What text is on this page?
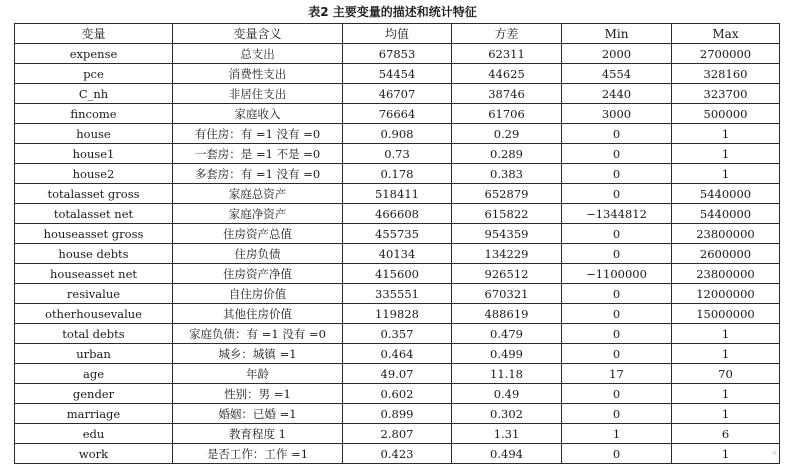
表2 主要变量的描述和统计特征
变量	变量含义	均值	方差	Min	Max
expense	总支出	67853	62311	2000	2700000
pce	消费性支出	54454	44625	4554	328160
C_nh	非居住支出	46707	38746	2440	323700
fincome	家庭收入	76664	61706	3000	500000
house	有住房：有 =1 没有 =0	0.908	0.29	0	1
house1	一套房：是 =1 不是 =0	0.73	0.289	0	1
house2	多套房：有 =1 没有 =0	0.178	0.383	0	1
totalasset gross	家庭总资产	518411	652879	0	5440000
totalasset net	家庭净资产	466608	615822	−1344812	5440000
houseasset gross	住房资产总值	455735	954359	0	23800000
house debts	住房负债	40134	134229	0	2600000
houseasset net	住房资产净值	415600	926512	−1100000	23800000
resivalue	自住房价值	335551	670321	0	12000000
otherhousevalue	其他住房价值	119828	488619	0	15000000
total debts	家庭负债：有 =1 没有 =0	0.357	0.479	0	1
urban	城乡：城镇 =1	0.464	0.499	0	1
age	年龄	49.07	11.18	17	70
gender	性别：男 =1	0.602	0.49	0	1
marriage	婚姻：已婚 =1	0.899	0.302	0	1
edu	教育程度 1	2.807	1.31	1	6
work	是否工作：工作 =1	0.423	0.494	0	1	✳
